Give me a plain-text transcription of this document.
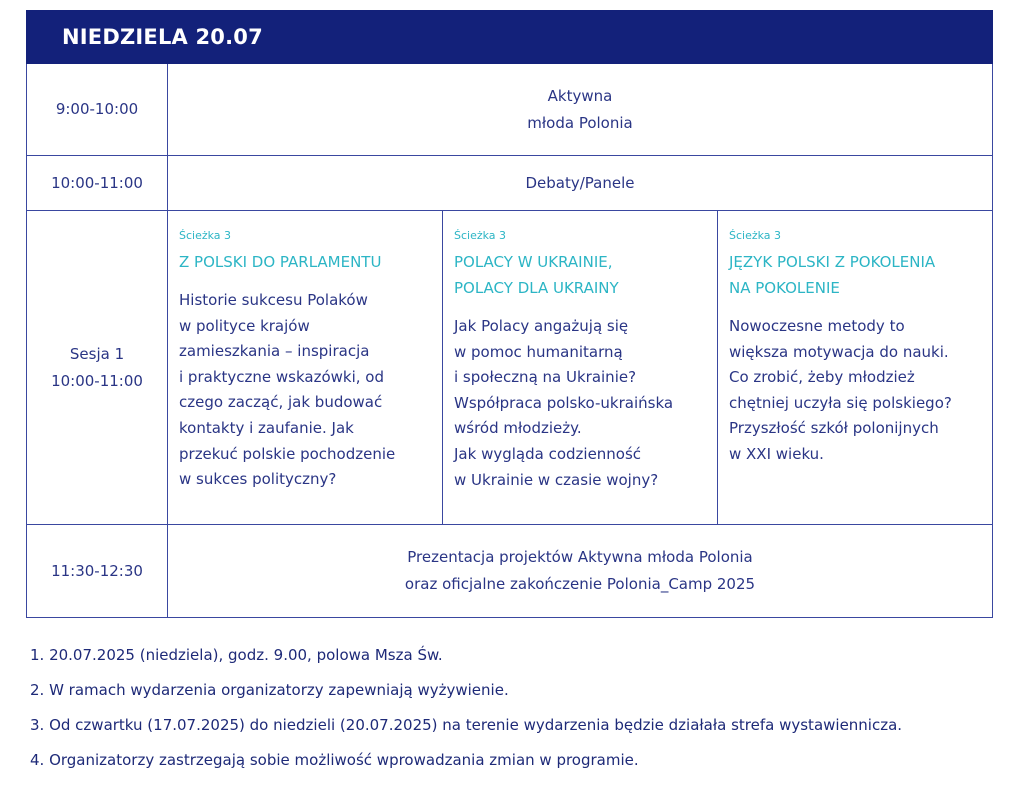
NIEDZIELA 20.07
9:00-10:00
Aktywna
młoda Polonia
10:00-11:00	Debaty/Panele
Sesja 1
10:00-11:00
Ścieżka 3
Z POLSKI DO PARLAMENTU
Historie sukcesu Polaków
w polityce krajów
zamieszkania – inspiracja
i praktyczne wskazówki, od
czego zacząć, jak budować
kontakty i zaufanie. Jak
przekuć polskie pochodzenie
w sukces polityczny?
Ścieżka 3
POLACY W UKRAINIE,
POLACY DLA UKRAINY
Jak Polacy angażują się
w pomoc humanitarną
i społeczną na Ukrainie?
Współpraca polsko-ukraińska
wśród młodzieży.
Jak wygląda codzienność
w Ukrainie w czasie wojny?
Ścieżka 3
JĘZYK POLSKI Z POKOLENIA
NA POKOLENIE
Nowoczesne metody to
większa motywacja do nauki.
Co zrobić, żeby młodzież
chętniej uczyła się polskiego?
Przyszłość szkół polonijnych
w XXI wieku.
11:30-12:30
Prezentacja projektów Aktywna młoda Polonia
oraz oficjalne zakończenie Polonia_Camp 2025
1. 20.07.2025 (niedziela), godz. 9.00, polowa Msza Św.
2. W ramach wydarzenia organizatorzy zapewniają wyżywienie.
3. Od czwartku (17.07.2025) do niedzieli (20.07.2025) na terenie wydarzenia będzie działała strefa wystawiennicza.
4. Organizatorzy zastrzegają sobie możliwość wprowadzania zmian w programie.
